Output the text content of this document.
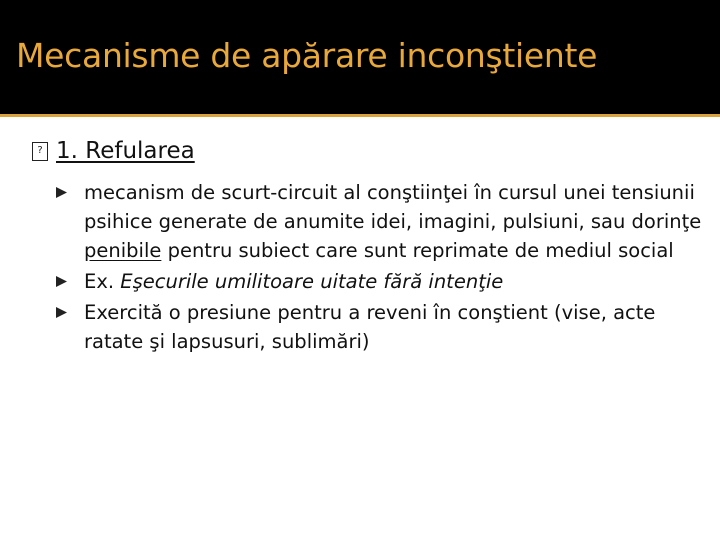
Mecanisme de apărare inconştiente
? 1. Refularea
mecanism de scurt-circuit al conştiinţei în cursul unei tensiunii psihice generate de anumite idei, imagini, pulsiuni, sau dorinţe penibile pentru subiect care sunt reprimate de mediul social
Ex. Eşecurile umilitoare uitate fără intenţie
Exercită o presiune pentru a reveni în conştient (vise, acte ratate şi lapsusuri, sublimări)
